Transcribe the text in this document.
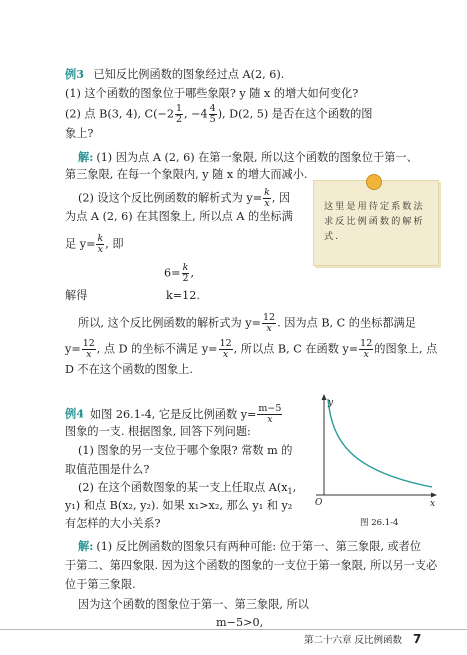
例3 已知反比例函数的图象经过点 A(2, 6).
(1) 这个函数的图象位于哪些象限? y 随 x 的增大如何变化?
(2) 点 B(3, 4), $C(-2 \frac{1}{2}$ , $-4 \frac{4}{5}$ ), D(2, 5) 是否在这个函数的图
象上?
解: (1) 因为点 A (2, 6) 在第一象限, 所以这个函数的图象位于第一、
第三象限, 在每一个象限内, y 随 x 的增大而减小.
(2) 设这个反比例函数的解析式为 $y= \frac{k}{x}$ , 因
为点 A (2, 6) 在其图象上, 所以点 A 的坐标满
足 $y= \frac{k}{x}$ , 即
$6= \frac{k}{2}$ ,
解得	k=12.
所以, 这个反比例函数的解析式为 $y= \frac{12}{x}$ . 因为点 B, C 的坐标都满足
$y= \frac{12}{x}$ , 点 D 的坐标不满足 $y= \frac{12}{x}$ , 所以点 B, C 在函数 $y= \frac{12}{x}$ 的图象上, 点
D 不在这个函数的图象上.
这里是用待定系数法求反比例函数的解析式.
例4 如图 26.1-4, 它是反比例函数 $y= \frac{m-5}{x}$
图象的一支. 根据图象, 回答下列问题:
(1) 图象的另一支位于哪个象限? 常数 m 的
取值范围是什么?
(2) 在这个函数图象的某一支上任取点 $A(x_1$,
y₁) 和点 B(x₂, y₂). 如果 x₁>x₂, 那么 y₁ 和 y₂
有怎样的大小关系?
解: (1) 反比例函数的图象只有两种可能: 位于第一、第三象限, 或者位
于第二、第四象限. 因为这个函数的图象的一支位于第一象限, 所以另一支必
位于第三象限.
因为这个函数的图象位于第一、第三象限, 所以
m−5>0,
y
x
O
图 26.1-4
第二十六章 反比例函数 7
